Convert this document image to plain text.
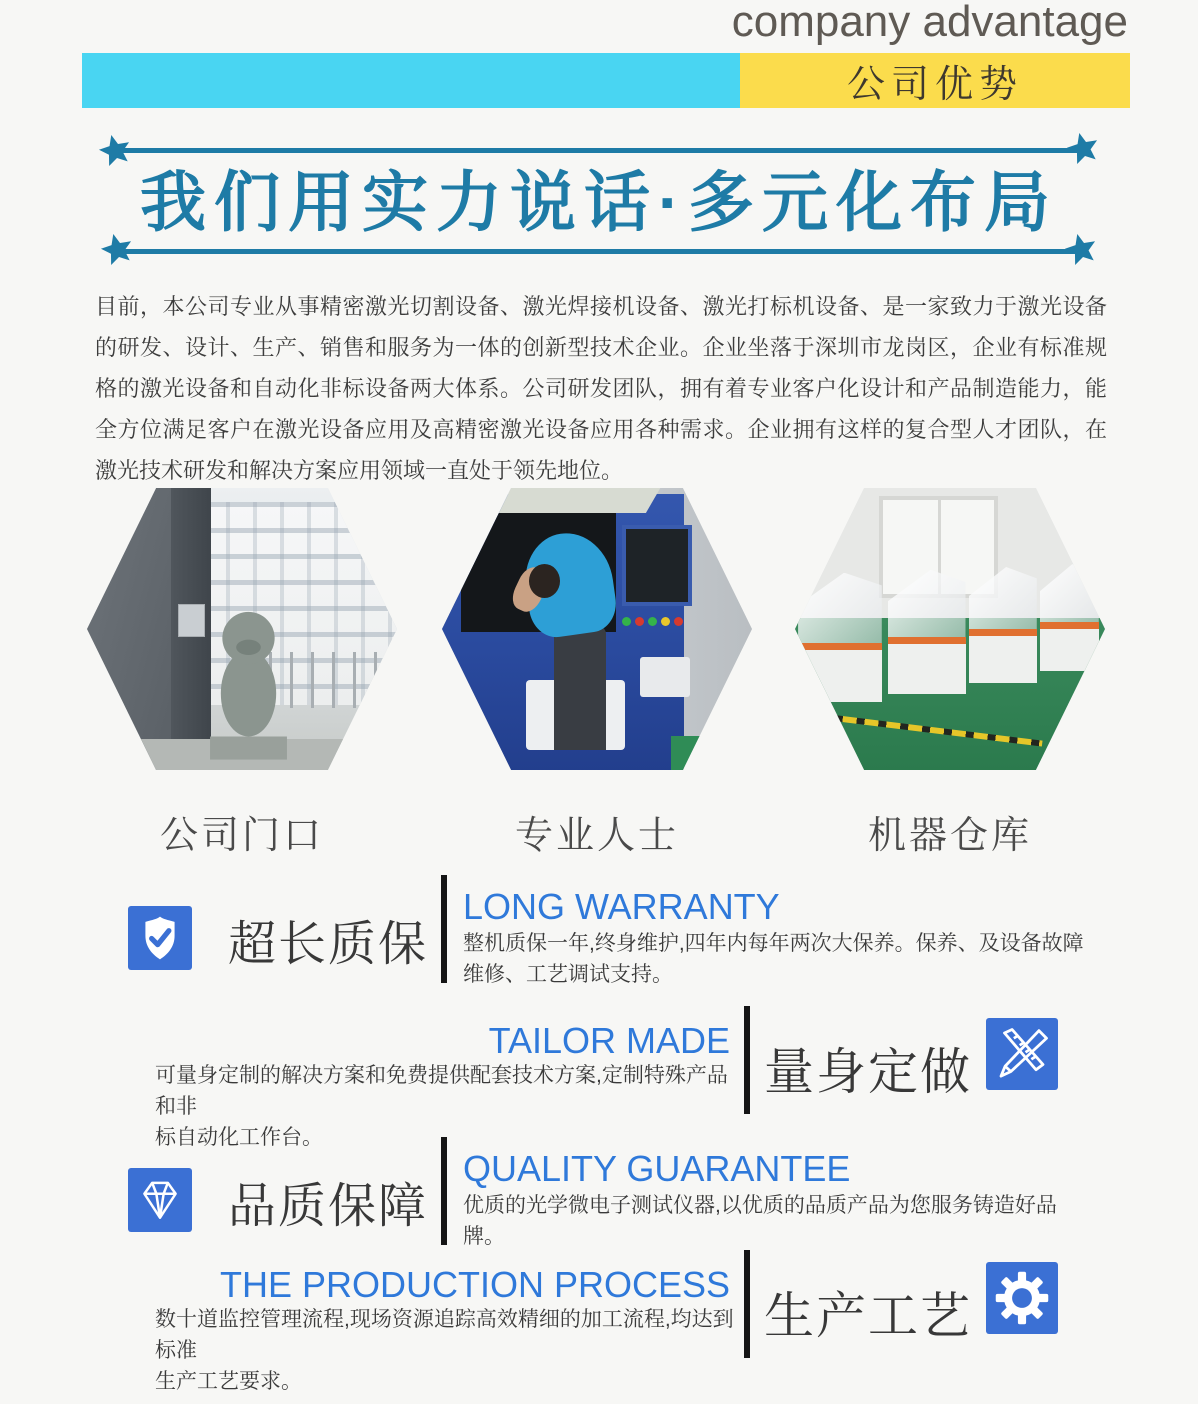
company advantage
公司优势
我们用实力说话·多元化布局
目前，本公司专业从事精密激光切割设备、激光焊接机设备、激光打标机设备、是一家致力于激光设备
的研发、设计、生产、销售和服务为一体的创新型技术企业。企业坐落于深圳市龙岗区，企业有标准规
格的激光设备和自动化非标设备两大体系。公司研发团队，拥有着专业客户化设计和产品制造能力，能
全方位满足客户在激光设备应用及高精密激光设备应用各种需求。企业拥有这样的复合型人才团队，在
激光技术研发和解决方案应用领域一直处于领先地位。
公司门口	专业人士	机器仓库
超长质保
LONG WARRANTY
整机质保一年,终身维护,四年内每年两次大保养。保养、及设备故障
维修、工艺调试支持。
TAILOR MADE
可量身定制的解决方案和免费提供配套技术方案,定制特殊产品和非
标自动化工作台。
量身定做
品质保障
QUALITY GUARANTEE
优质的光学微电子测试仪器,以优质的品质产品为您服务铸造好品
牌。
THE PRODUCTION PROCESS
数十道监控管理流程,现场资源追踪高效精细的加工流程,均达到标准
生产工艺要求。
生产工艺
